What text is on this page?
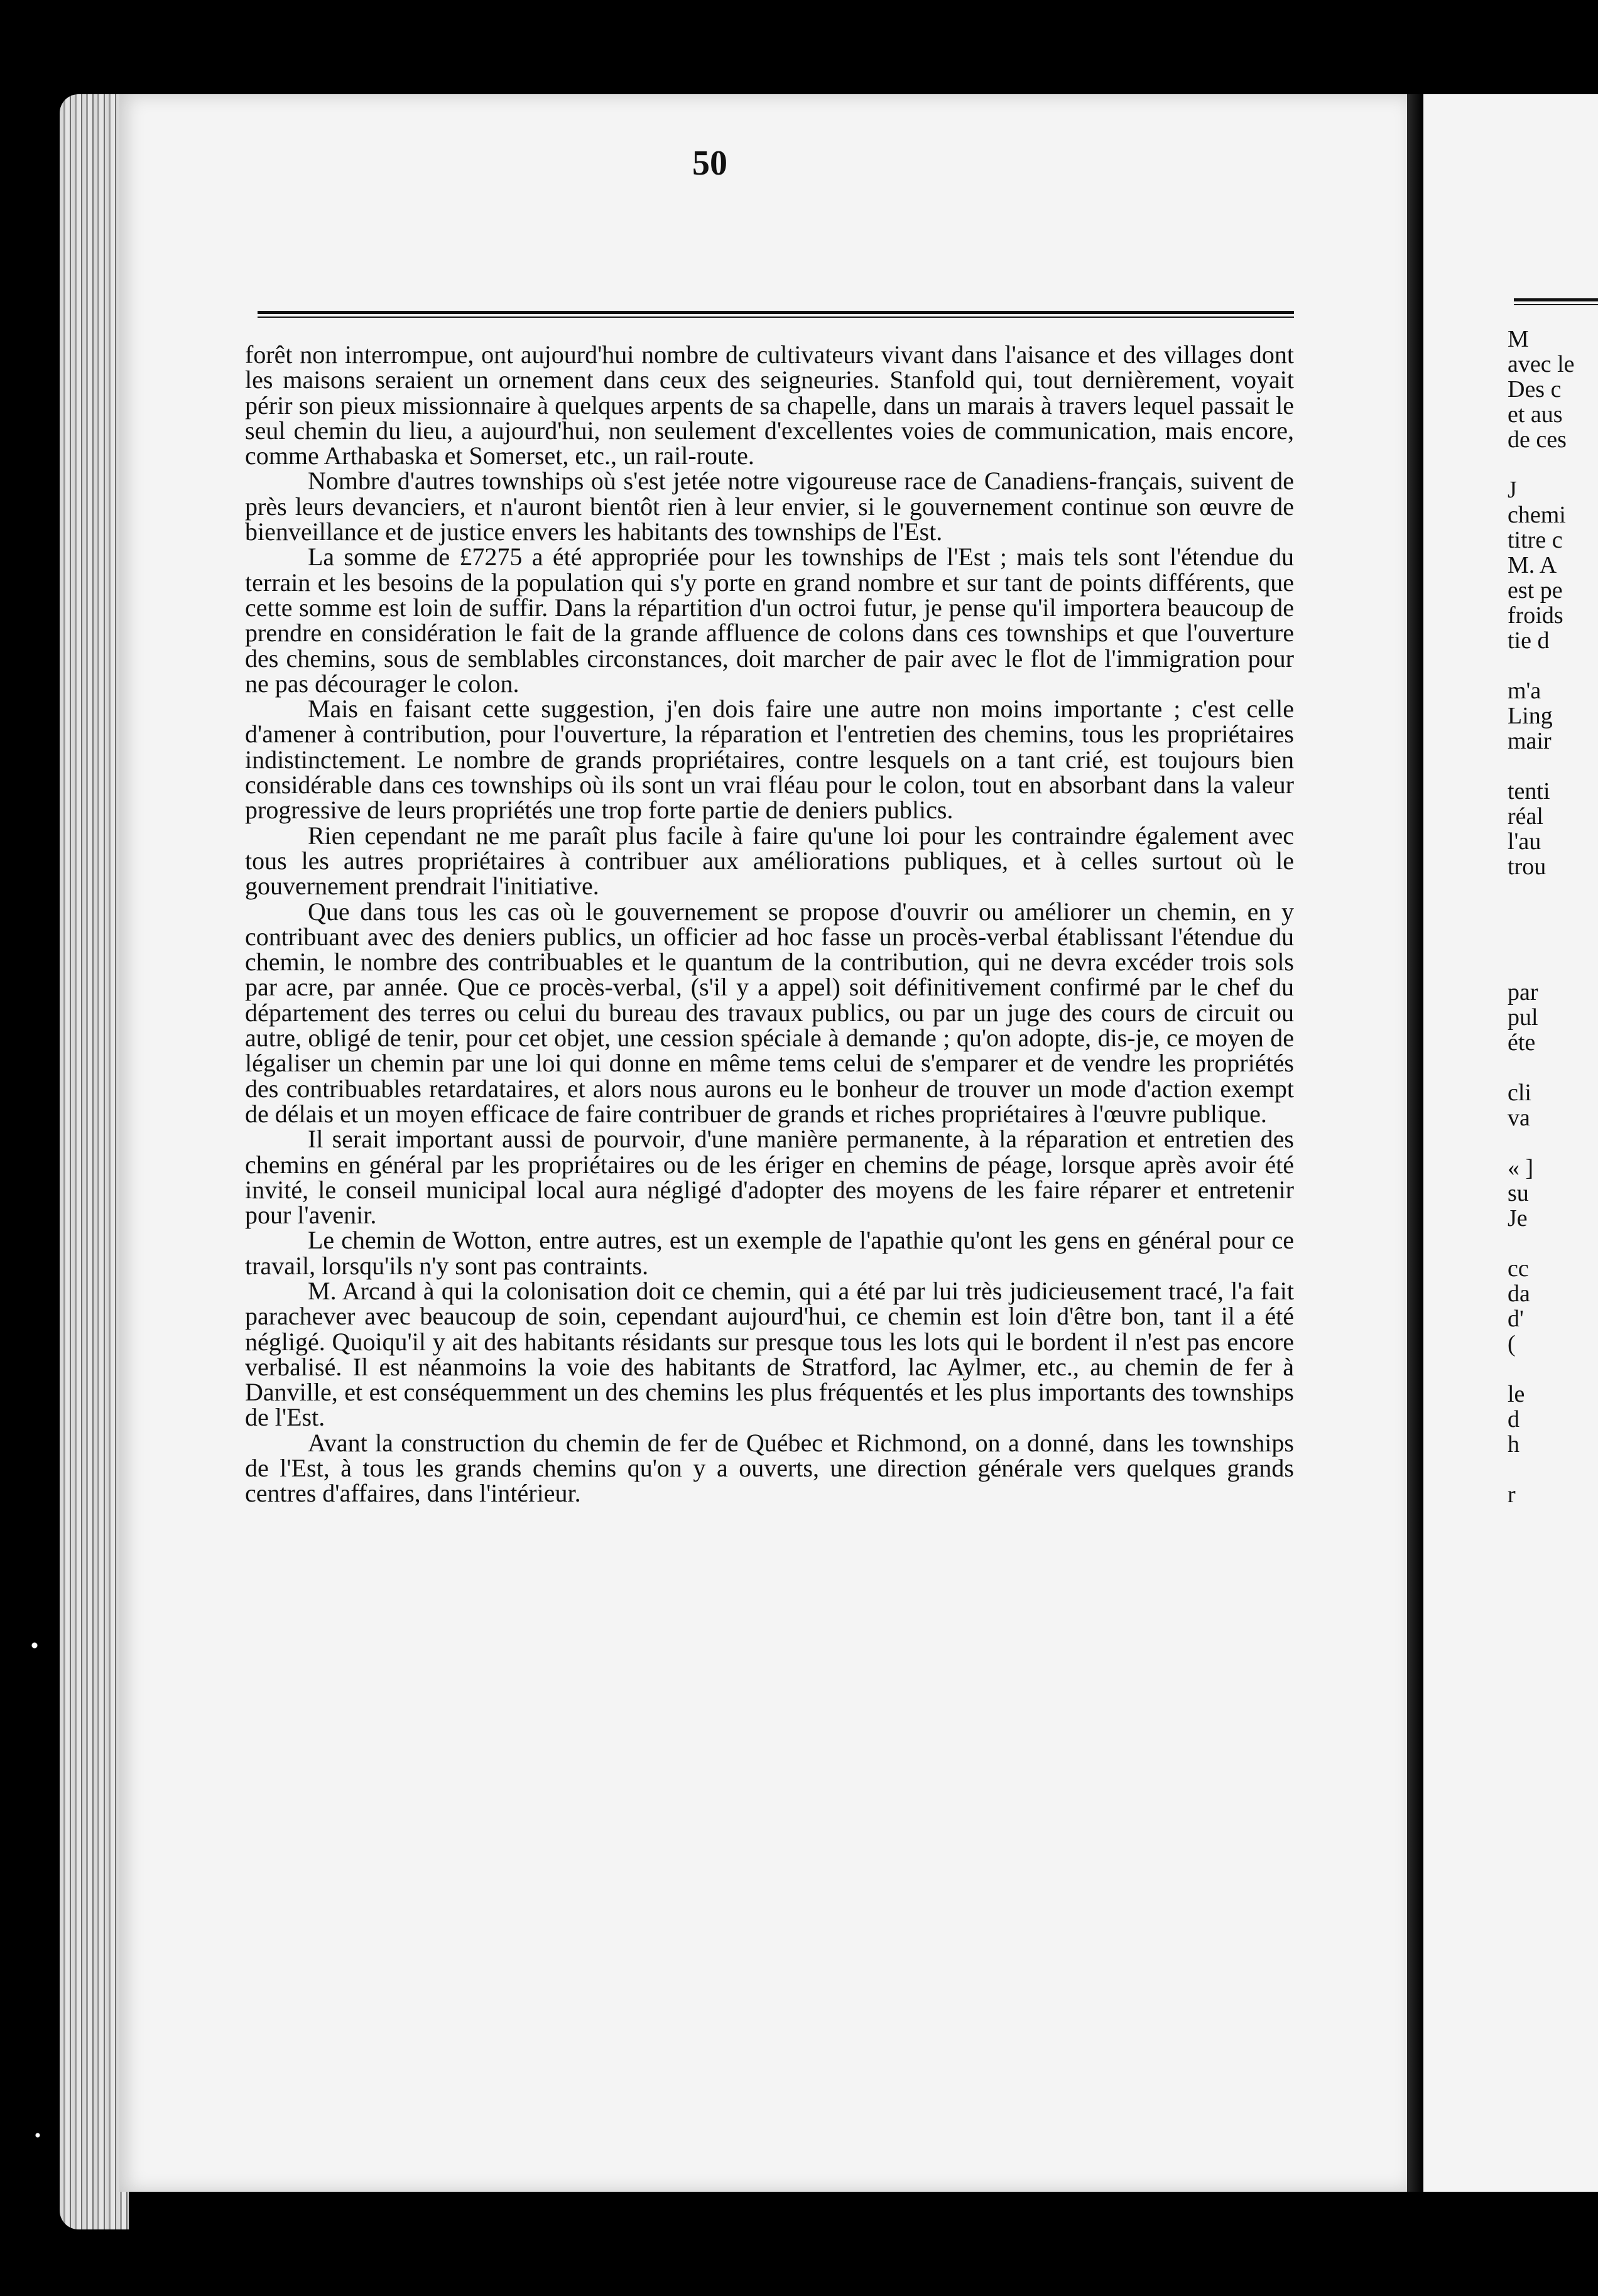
50

forêt non interrompue, ont aujourd'hui nombre de cultivateurs vivant dans l'aisance et des villages dont les maisons seraient un ornement dans ceux des seigneuries. Stanfold qui, tout dernièrement, voyait périr son pieux missionnaire à quelques arpents de sa chapelle, dans un marais à travers lequel passait le seul chemin du lieu, a aujourd'hui, non seulement d'excellentes voies de communication, mais encore, comme Arthabaska et Somerset, etc., un rail-route.

Nombre d'autres townships où s'est jetée notre vigoureuse race de Canadiens-français, suivent de près leurs devanciers, et n'auront bientôt rien à leur envier, si le gouvernement continue son œuvre de bienveillance et de justice envers les habitants des townships de l'Est.

La somme de £7275 a été appropriée pour les townships de l'Est ; mais tels sont l'étendue du terrain et les besoins de la population qui s'y porte en grand nombre et sur tant de points différents, que cette somme est loin de suffir. Dans la répartition d'un octroi futur, je pense qu'il importera beaucoup de prendre en considération le fait de la grande affluence de colons dans ces townships et que l'ouverture des chemins, sous de semblables circonstances, doit marcher de pair avec le flot de l'immigration pour ne pas décourager le colon.

Mais en faisant cette suggestion, j'en dois faire une autre non moins importante ; c'est celle d'amener à contribution, pour l'ouverture, la réparation et l'entretien des chemins, tous les propriétaires indistinctement. Le nombre de grands propriétaires, contre lesquels on a tant crié, est toujours bien considérable dans ces townships où ils sont un vrai fléau pour le colon, tout en absorbant dans la valeur progressive de leurs propriétés une trop forte partie de deniers publics.

Rien cependant ne me paraît plus facile à faire qu'une loi pour les contraindre également avec tous les autres propriétaires à contribuer aux améliorations publiques, et à celles surtout où le gouvernement prendrait l'initiative.

Que dans tous les cas où le gouvernement se propose d'ouvrir ou améliorer un chemin, en y contribuant avec des deniers publics, un officier ad hoc fasse un procès-verbal établissant l'étendue du chemin, le nombre des contribuables et le quantum de la contribution, qui ne devra excéder trois sols par acre, par année. Que ce procès-verbal, (s'il y a appel) soit définitivement confirmé par le chef du département des terres ou celui du bureau des travaux publics, ou par un juge des cours de circuit ou autre, obligé de tenir, pour cet objet, une cession spéciale à demande ; qu'on adopte, dis-je, ce moyen de légaliser un chemin par une loi qui donne en même tems celui de s'emparer et de vendre les propriétés des contribuables retardataires, et alors nous aurons eu le bonheur de trouver un mode d'action exempt de délais et un moyen efficace de faire contribuer de grands et riches propriétaires à l'œuvre publique.

Il serait important aussi de pourvoir, d'une manière permanente, à la réparation et entretien des chemins en général par les propriétaires ou de les ériger en chemins de péage, lorsque après avoir été invité, le conseil municipal local aura négligé d'adopter des moyens de les faire réparer et entretenir pour l'avenir.

Le chemin de Wotton, entre autres, est un exemple de l'apathie qu'ont les gens en général pour ce travail, lorsqu'ils n'y sont pas contraints.

M. Arcand à qui la colonisation doit ce chemin, qui a été par lui très judicieusement tracé, l'a fait parachever avec beaucoup de soin, cependant aujourd'hui, ce chemin est loin d'être bon, tant il a été négligé. Quoiqu'il y ait des habitants résidants sur presque tous les lots qui le bordent il n'est pas encore verbalisé. Il est néanmoins la voie des habitants de Stratford, lac Aylmer, etc., au chemin de fer à Danville, et est conséquemment un des chemins les plus fréquentés et les plus importants des townships de l'Est.

Avant la construction du chemin de fer de Québec et Richmond, on a donné, dans les townships de l'Est, à tous les grands chemins qu'on y a ouverts, une direction générale vers quelques grands centres d'affaires, dans l'intérieur.

M
avec le
Des c
et aus
de ces
J
chemi
titre c
M. A
est pe
froids
tie d
m'a
Ling
mair
tenti
réal
l'au
trou
par
pul
éte
cli
va
« ]
su
Je
cc
da
d'
(
le
d
h
r
